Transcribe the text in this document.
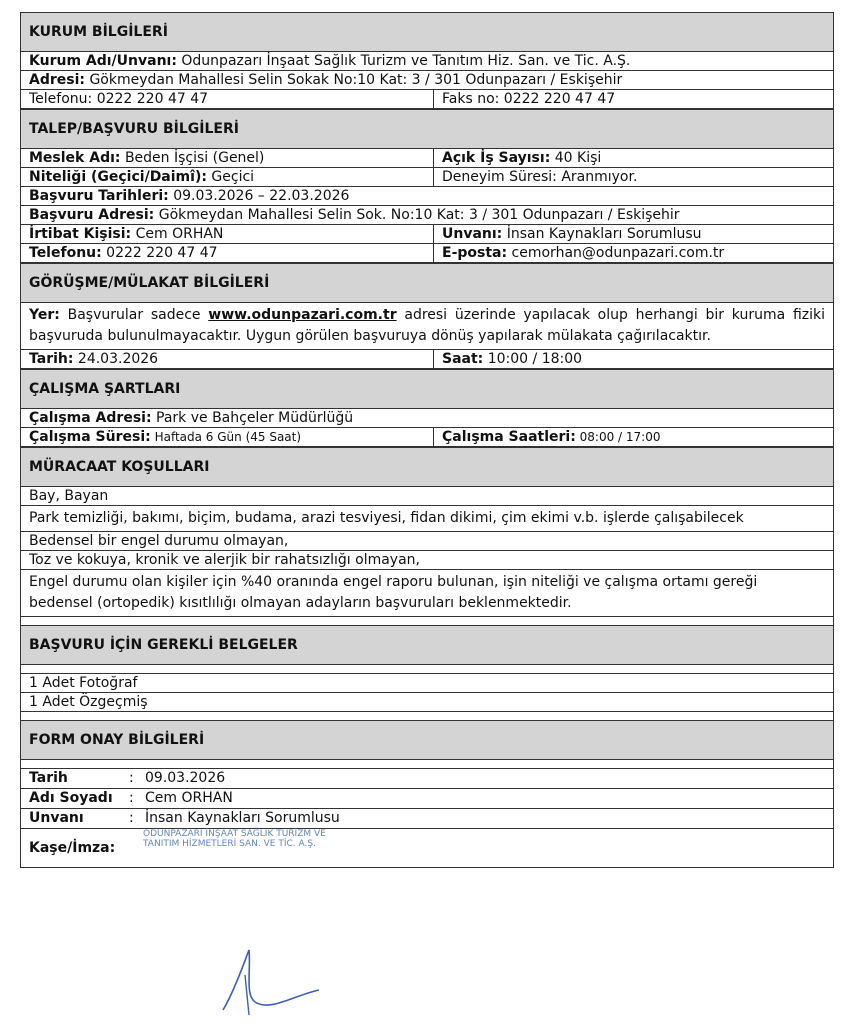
KURUM BİLGİLERİ
Kurum Adı/Unvanı: Odunpazarı İnşaat Sağlık Turizm ve Tanıtım Hiz. San. ve Tic. A.Ş.
Adresi: Gökmeydan Mahallesi Selin Sokak No:10 Kat: 3 / 301 Odunpazarı / Eskişehir
Telefonu: 0222 220 47 47	Faks no: 0222 220 47 47
TALEP/BAŞVURU BİLGİLERİ
Meslek Adı: Beden İşçisi (Genel)	Açık İş Sayısı: 40 Kişi
Niteliği (Geçici/Daimî): Geçici	Deneyim Süresi: Aranmıyor.
Başvuru Tarihleri: 09.03.2026 – 22.03.2026
Başvuru Adresi: Gökmeydan Mahallesi Selin Sok. No:10 Kat: 3 / 301 Odunpazarı / Eskişehir
İrtibat Kişisi: Cem ORHAN	Unvanı: İnsan Kaynakları Sorumlusu
Telefonu: 0222 220 47 47	E-posta: cemorhan@odunpazari.com.tr
GÖRÜŞME/MÜLAKAT BİLGİLERİ
Yer: Başvurular sadece www.odunpazari.com.tr adresi üzerinde yapılacak olup herhangi bir kuruma fiziki başvuruda bulunulmayacaktır. Uygun görülen başvuruya dönüş yapılarak mülakata çağırılacaktır.
Tarih: 24.03.2026	Saat: 10:00 / 18:00
ÇALIŞMA ŞARTLARI
Çalışma Adresi: Park ve Bahçeler Müdürlüğü
Çalışma Süresi: Haftada 6 Gün (45 Saat)	Çalışma Saatleri: 08:00 / 17:00
MÜRACAAT KOŞULLARI
Bay, Bayan
Park temizliği, bakımı, biçim, budama, arazi tesviyesi, fidan dikimi, çim ekimi v.b. işlerde çalışabilecek
Bedensel bir engel durumu olmayan,
Toz ve kokuya, kronik ve alerjik bir rahatsızlığı olmayan,
Engel durumu olan kişiler için %40 oranında engel raporu bulunan, işin niteliği ve çalışma ortamı gereği bedensel (ortopedik) kısıtlılığı olmayan adayların başvuruları beklenmektedir.
BAŞVURU İÇİN GEREKLİ BELGELER
1 Adet Fotoğraf
1 Adet Özgeçmiş
FORM ONAY BİLGİLERİ
Tarih	: 09.03.2026
Adı Soyadı	: Cem ORHAN
Unvanı	: İnsan Kaynakları Sorumlusu
Kaşe/İmza:
ODUNPAZARI İNŞAAT SAĞLIK TURİZM VE
TANITIM HİZMETLERİ SAN. VE TİC. A.Ş.
